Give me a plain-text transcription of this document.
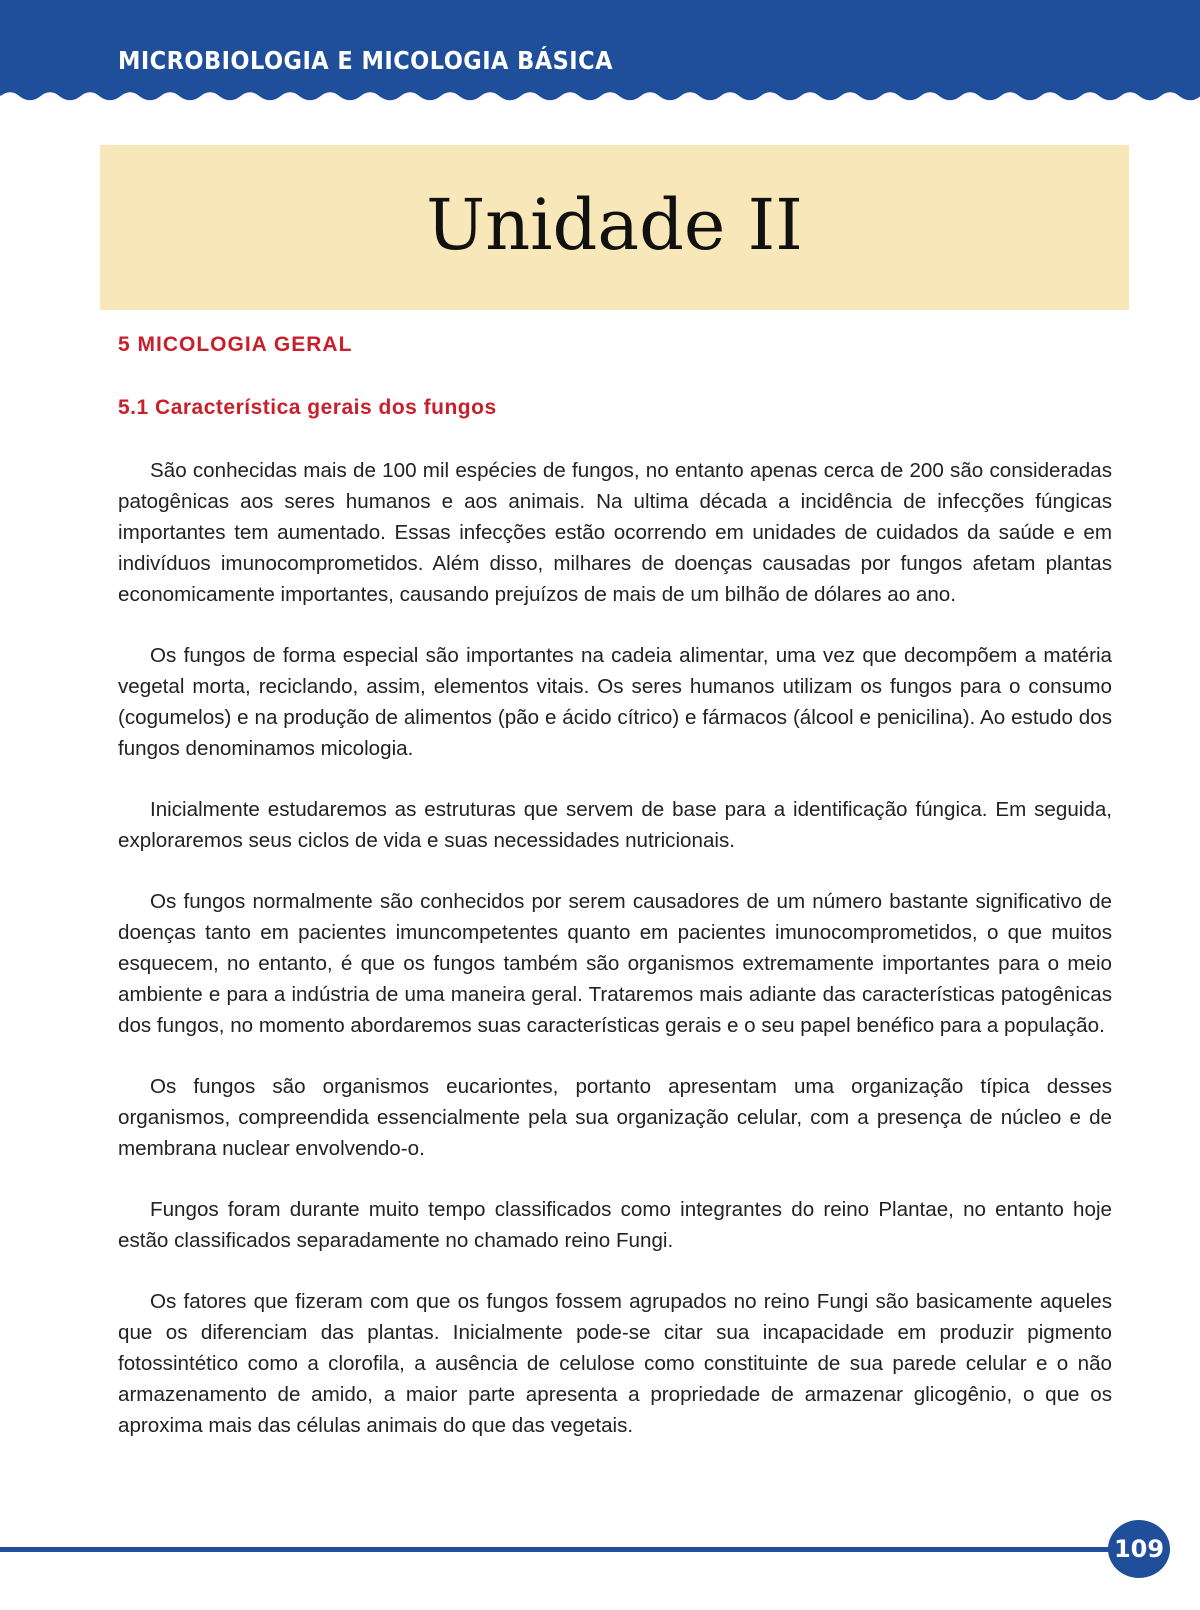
MICROBIOLOGIA E MICOLOGIA BÁSICA
Unidade II
5 MICOLOGIA GERAL
5.1 Característica gerais dos fungos

São conhecidas mais de 100 mil espécies de fungos, no entanto apenas cerca de 200 são consideradas patogênicas aos seres humanos e aos animais. Na ultima década a incidência de infecções fúngicas importantes tem aumentado. Essas infecções estão ocorrendo em unidades de cuidados da saúde e em indivíduos imunocomprometidos. Além disso, milhares de doenças causadas por fungos afetam plantas economicamente importantes, causando prejuízos de mais de um bilhão de dólares ao ano.

Os fungos de forma especial são importantes na cadeia alimentar, uma vez que decompõem a matéria vegetal morta, reciclando, assim, elementos vitais. Os seres humanos utilizam os fungos para o consumo (cogumelos) e na produção de alimentos (pão e ácido cítrico) e fármacos (álcool e penicilina). Ao estudo dos fungos denominamos micologia.

Inicialmente estudaremos as estruturas que servem de base para a identificação fúngica. Em seguida, exploraremos seus ciclos de vida e suas necessidades nutricionais.

Os fungos normalmente são conhecidos por serem causadores de um número bastante significativo de doenças tanto em pacientes imuncompetentes quanto em pacientes imunocomprometidos, o que muitos esquecem, no entanto, é que os fungos também são organismos extremamente importantes para o meio ambiente e para a indústria de uma maneira geral. Trataremos mais adiante das características patogênicas dos fungos, no momento abordaremos suas características gerais e o seu papel benéfico para a população.

Os fungos são organismos eucariontes, portanto apresentam uma organização típica desses organismos, compreendida essencialmente pela sua organização celular, com a presença de núcleo e de membrana nuclear envolvendo-o.

Fungos foram durante muito tempo classificados como integrantes do reino Plantae, no entanto hoje estão classificados separadamente no chamado reino Fungi.

Os fatores que fizeram com que os fungos fossem agrupados no reino Fungi são basicamente aqueles que os diferenciam das plantas. Inicialmente pode-se citar sua incapacidade em produzir pigmento fotossintético como a clorofila, a ausência de celulose como constituinte de sua parede celular e o não armazenamento de amido, a maior parte apresenta a propriedade de armazenar glicogênio, o que os aproxima mais das células animais do que das vegetais.

109
